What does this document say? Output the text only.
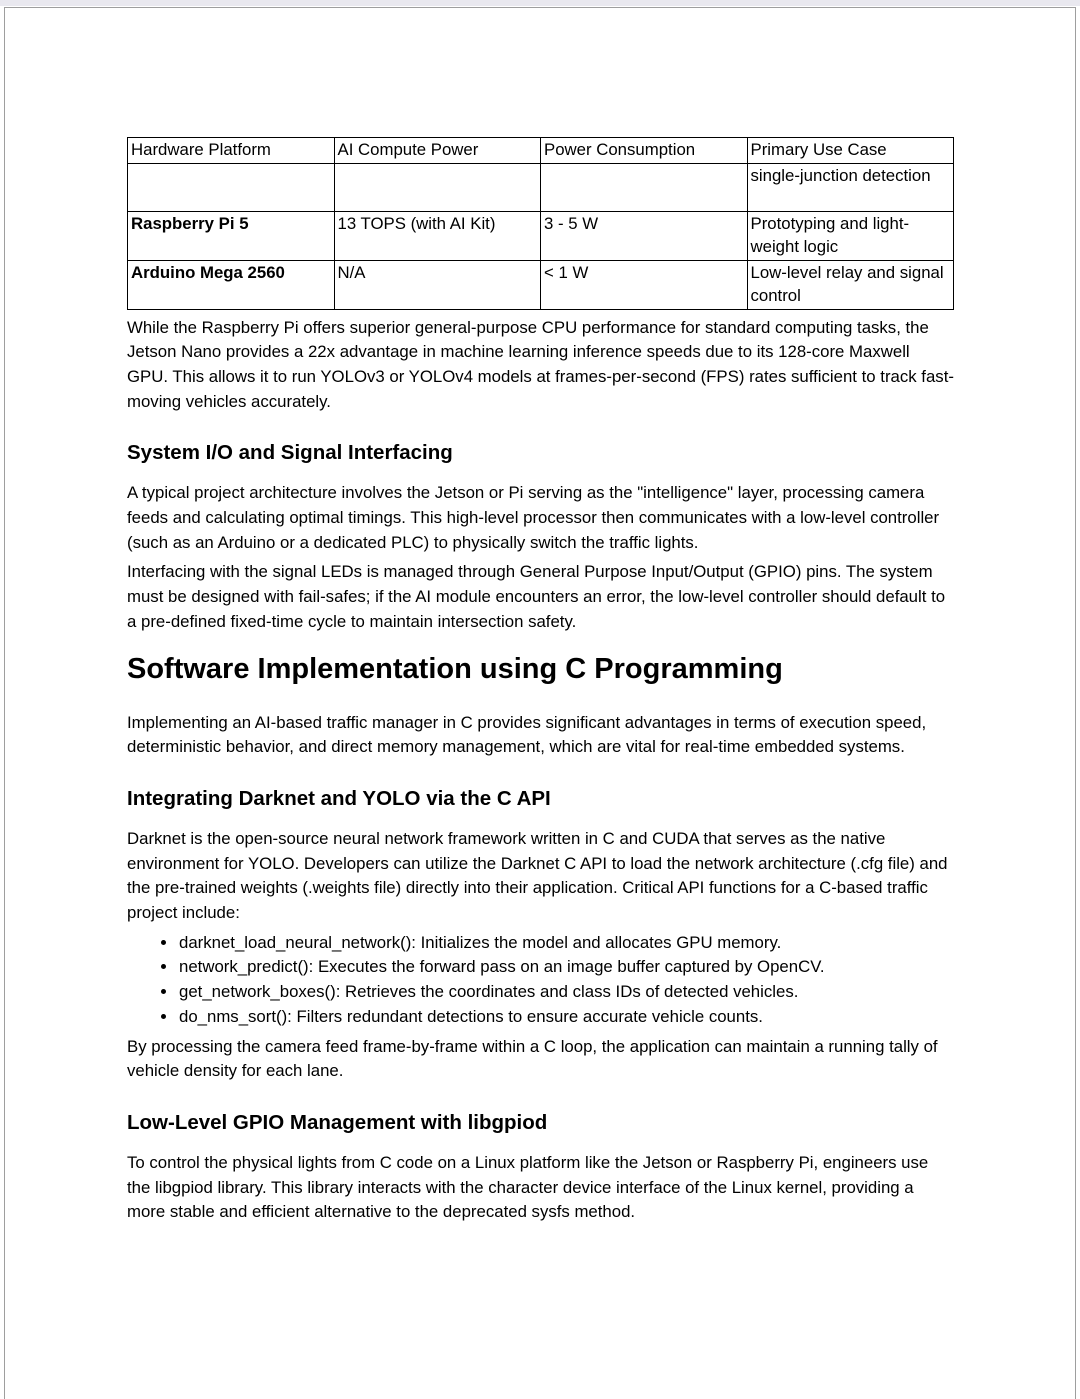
Hardware Platform	AI Compute Power	Power Consumption	Primary Use Case
			single-junction detection
Raspberry Pi 5	13 TOPS (with AI Kit)	3 - 5 W	Prototyping and light-weight logic
Arduino Mega 2560	N/A	< 1 W	Low-level relay and signal control

While the Raspberry Pi offers superior general-purpose CPU performance for standard computing tasks, the Jetson Nano provides a 22x advantage in machine learning inference speeds due to its 128-core Maxwell GPU. This allows it to run YOLOv3 or YOLOv4 models at frames-per-second (FPS) rates sufficient to track fast-moving vehicles accurately.

System I/O and Signal Interfacing

A typical project architecture involves the Jetson or Pi serving as the "intelligence" layer, processing camera feeds and calculating optimal timings. This high-level processor then communicates with a low-level controller (such as an Arduino or a dedicated PLC) to physically switch the traffic lights.

Interfacing with the signal LEDs is managed through General Purpose Input/Output (GPIO) pins. The system must be designed with fail-safes; if the AI module encounters an error, the low-level controller should default to a pre-defined fixed-time cycle to maintain intersection safety.

Software Implementation using C Programming

Implementing an AI-based traffic manager in C provides significant advantages in terms of execution speed, deterministic behavior, and direct memory management, which are vital for real-time embedded systems.

Integrating Darknet and YOLO via the C API

Darknet is the open-source neural network framework written in C and CUDA that serves as the native environment for YOLO. Developers can utilize the Darknet C API to load the network architecture (.cfg file) and the pre-trained weights (.weights file) directly into their application. Critical API functions for a C-based traffic project include:

• darknet_load_neural_network(): Initializes the model and allocates GPU memory.
• network_predict(): Executes the forward pass on an image buffer captured by OpenCV.
• get_network_boxes(): Retrieves the coordinates and class IDs of detected vehicles.
• do_nms_sort(): Filters redundant detections to ensure accurate vehicle counts.

By processing the camera feed frame-by-frame within a C loop, the application can maintain a running tally of vehicle density for each lane.

Low-Level GPIO Management with libgpiod

To control the physical lights from C code on a Linux platform like the Jetson or Raspberry Pi, engineers use the libgpiod library. This library interacts with the character device interface of the Linux kernel, providing a more stable and efficient alternative to the deprecated sysfs method.
